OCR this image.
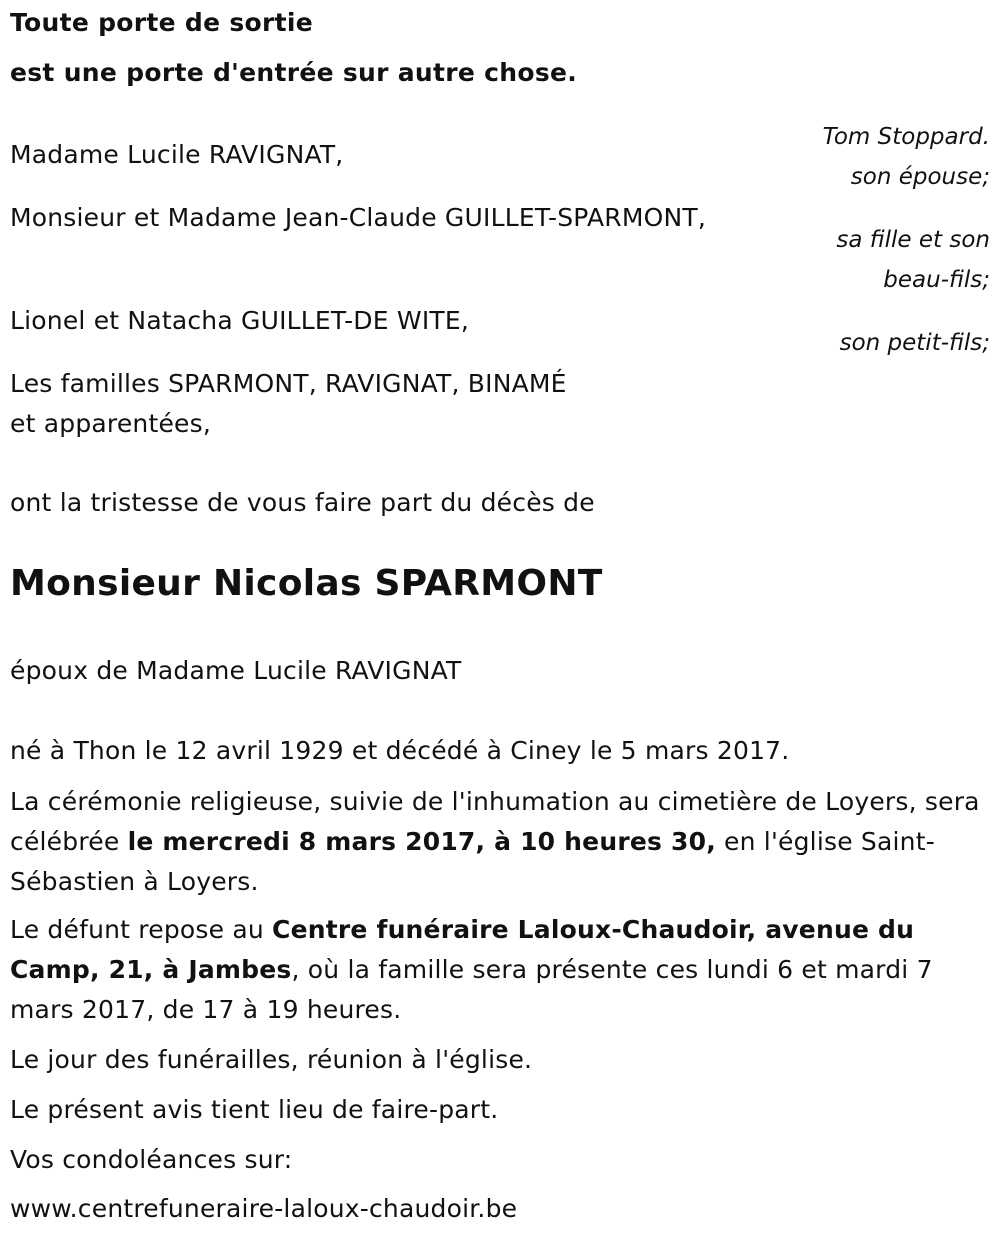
Toute porte de sortie
est une porte d'entrée sur autre chose.
Tom Stoppard.
Madame Lucile RAVIGNAT,
son épouse;
Monsieur et Madame Jean-Claude GUILLET-SPARMONT,
sa fille et son
beau-fils;
Lionel et Natacha GUILLET-DE WITE,
son petit-fils;
Les familles SPARMONT, RAVIGNAT, BINAMÉ
et apparentées,
ont la tristesse de vous faire part du décès de
Monsieur Nicolas SPARMONT
époux de Madame Lucile RAVIGNAT
né à Thon le 12 avril 1929 et décédé à Ciney le 5 mars 2017.
La cérémonie religieuse, suivie de l'inhumation au cimetière de Loyers, sera célébrée le mercredi 8 mars 2017, à 10 heures 30, en l'église Saint-Sébastien à Loyers.
Le défunt repose au Centre funéraire Laloux-Chaudoir, avenue du Camp, 21, à Jambes, où la famille sera présente ces lundi 6 et mardi 7 mars 2017, de 17 à 19 heures.
Le jour des funérailles, réunion à l'église.
Le présent avis tient lieu de faire-part.
Vos condoléances sur:
www.centrefuneraire-laloux-chaudoir.be
